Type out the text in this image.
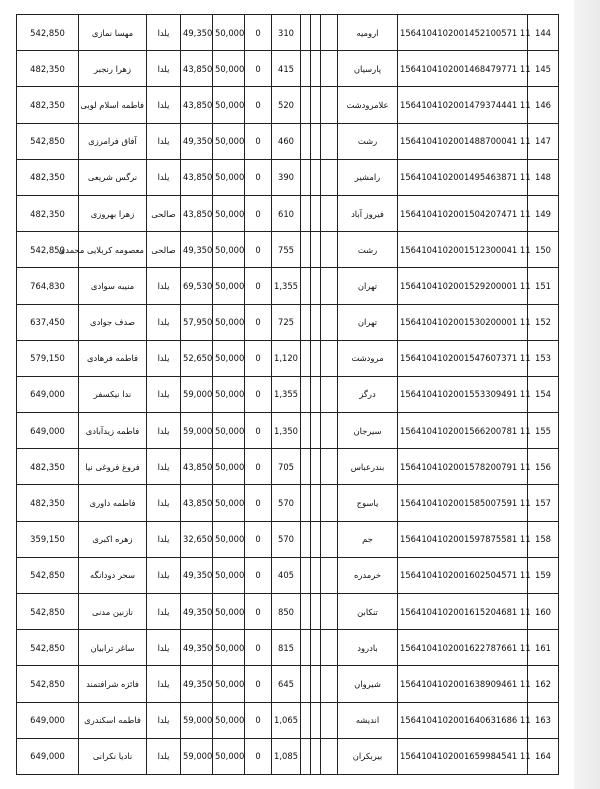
542,850	مهسا نمازی	یلدا	49,350	50,000	0	310				ارومیه	1564104102001452100571 11	144
482,350	زهرا رنجبر	یلدا	43,850	50,000	0	415				پارسیان	1564104102001468479771 11	145
482,350	فاطمه اسلام لوبی	یلدا	43,850	50,000	0	520				علامرودشت	1564104102001479374441 11	146
542,850	آفاق فرامرزی	یلدا	49,350	50,000	0	460				رشت	1564104102001488700041 11	147
482,350	نرگس شریعی	یلدا	43,850	50,000	0	390				رامشیر	1564104102001495463871 11	148
482,350	زهرا بهروزی	صالحی	43,850	50,000	0	610				فیروز آباد	1564104102001504207471 11	149
542,850	معصومه کربلایی محمدی	صالحی	49,350	50,000	0	755				رشت	1564104102001512300041 11	150
764,830	منیبه سوادی	یلدا	69,530	50,000	0	1,355				تهران	1564104102001529200001 11	151
637,450	صدف جوادی	یلدا	57,950	50,000	0	725				تهران	1564104102001530200001 11	152
579,150	فاطمه فرهادی	یلدا	52,650	50,000	0	1,120				مرودشت	1564104102001547607371 11	153
649,000	ندا نیکسفر	یلدا	59,000	50,000	0	1,355				درگز	1564104102001553309491 11	154
649,000	فاطمه زیدآبادی	یلدا	59,000	50,000	0	1,350				سیرجان	1564104102001566200781 11	155
482,350	فروغ فروغی نیا	یلدا	43,850	50,000	0	705				بندرعباس	1564104102001578200791 11	156
482,350	فاطمه داوری	یلدا	43,850	50,000	0	570				یاسوج	1564104102001585007591 11	157
359,150	زهره اکبری	یلدا	32,650	50,000	0	570				جم	1564104102001597875581 11	158
542,850	سحر دودانگه	یلدا	49,350	50,000	0	405				خرمدره	1564104102001602504571 11	159
542,850	نازنین مدنی	یلدا	49,350	50,000	0	850				تنکابن	1564104102001615204681 11	160
542,850	ساغر ترابیان	یلدا	49,350	50,000	0	815				بادرود	1564104102001622787661 11	161
542,850	فائزه شرافتمند	یلدا	49,350	50,000	0	645				شیروان	1564104102001638909461 11	162
649,000	فاطمه اسکندری	یلدا	59,000	50,000	0	1,065				اندیشه	1564104102001640631686 11	163
649,000	نادیا نکرانی	یلدا	59,000	50,000	0	1,085				بیربکران	1564104102001659984541 11	164
